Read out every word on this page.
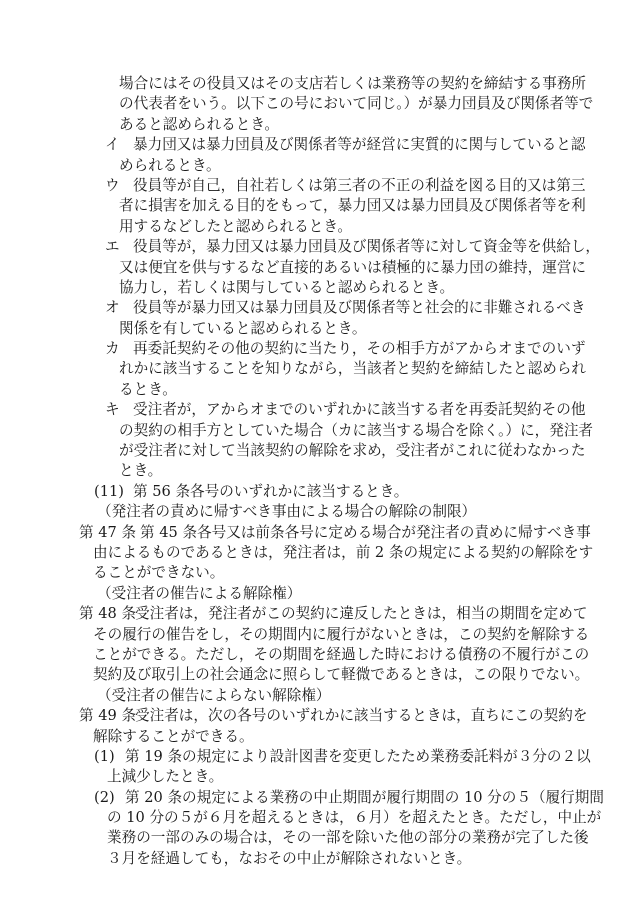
場合にはその役員又はその支店若しくは業務等の契約を締結する事務所
の代表者をいう。以下この号において同じ。）が暴力団員及び関係者等で
あると認められるとき。
イ 暴力団又は暴力団員及び関係者等が経営に実質的に関与していると認
められるとき。
ウ 役員等が自己，自社若しくは第三者の不正の利益を図る目的又は第三
者に損害を加える目的をもって，暴力団又は暴力団員及び関係者等を利
用するなどしたと認められるとき。
エ 役員等が，暴力団又は暴力団員及び関係者等に対して資金等を供給し，
又は便宜を供与するなど直接的あるいは積極的に暴力団の維持，運営に
協力し，若しくは関与していると認められるとき。
オ 役員等が暴力団又は暴力団員及び関係者等と社会的に非難されるべき
関係を有していると認められるとき。
カ 再委託契約その他の契約に当たり，その相手方がアからオまでのいず
れかに該当することを知りながら，当該者と契約を締結したと認められ
るとき。
キ 受注者が，アからオまでのいずれかに該当する者を再委託契約その他
の契約の相手方としていた場合（カに該当する場合を除く。）に，発注者
が受注者に対して当該契約の解除を求め，受注者がこれに従わなかった
とき。
(11) 第 56 条各号のいずれかに該当するとき。
（発注者の責めに帰すべき事由による場合の解除の制限）
第 47 条 第 45 条各号又は前条各号に定める場合が発注者の責めに帰すべき事
由によるものであるときは，発注者は，前 2 条の規定による契約の解除をす
ることができない。
（受注者の催告による解除権）
第 48 条
受注者は，発注者がこの契約に違反したときは，相当の期間を定めて
その履行の催告をし，その期間内に履行がないときは，この契約を解除する
ことができる。ただし，その期間を経過した時における債務の不履行がこの
契約及び取引上の社会通念に照らして軽微であるときは，この限りでない。
（受注者の催告によらない解除権）
第 49 条
受注者は，次の各号のいずれかに該当するときは，直ちにこの契約を
解除することができる。
(1) 第 19 条の規定により設計図書を変更したため業務委託料が３分の２以
上減少したとき。
(2) 第 20 条の規定による業務の中止期間が履行期間の 10 分の５（履行期間
の 10 分の５が６月を超えるときは，６月）を超えたとき。ただし，中止が
業務の一部のみの場合は，その一部を除いた他の部分の業務が完了した後
３月を経過しても，なおその中止が解除されないとき。
